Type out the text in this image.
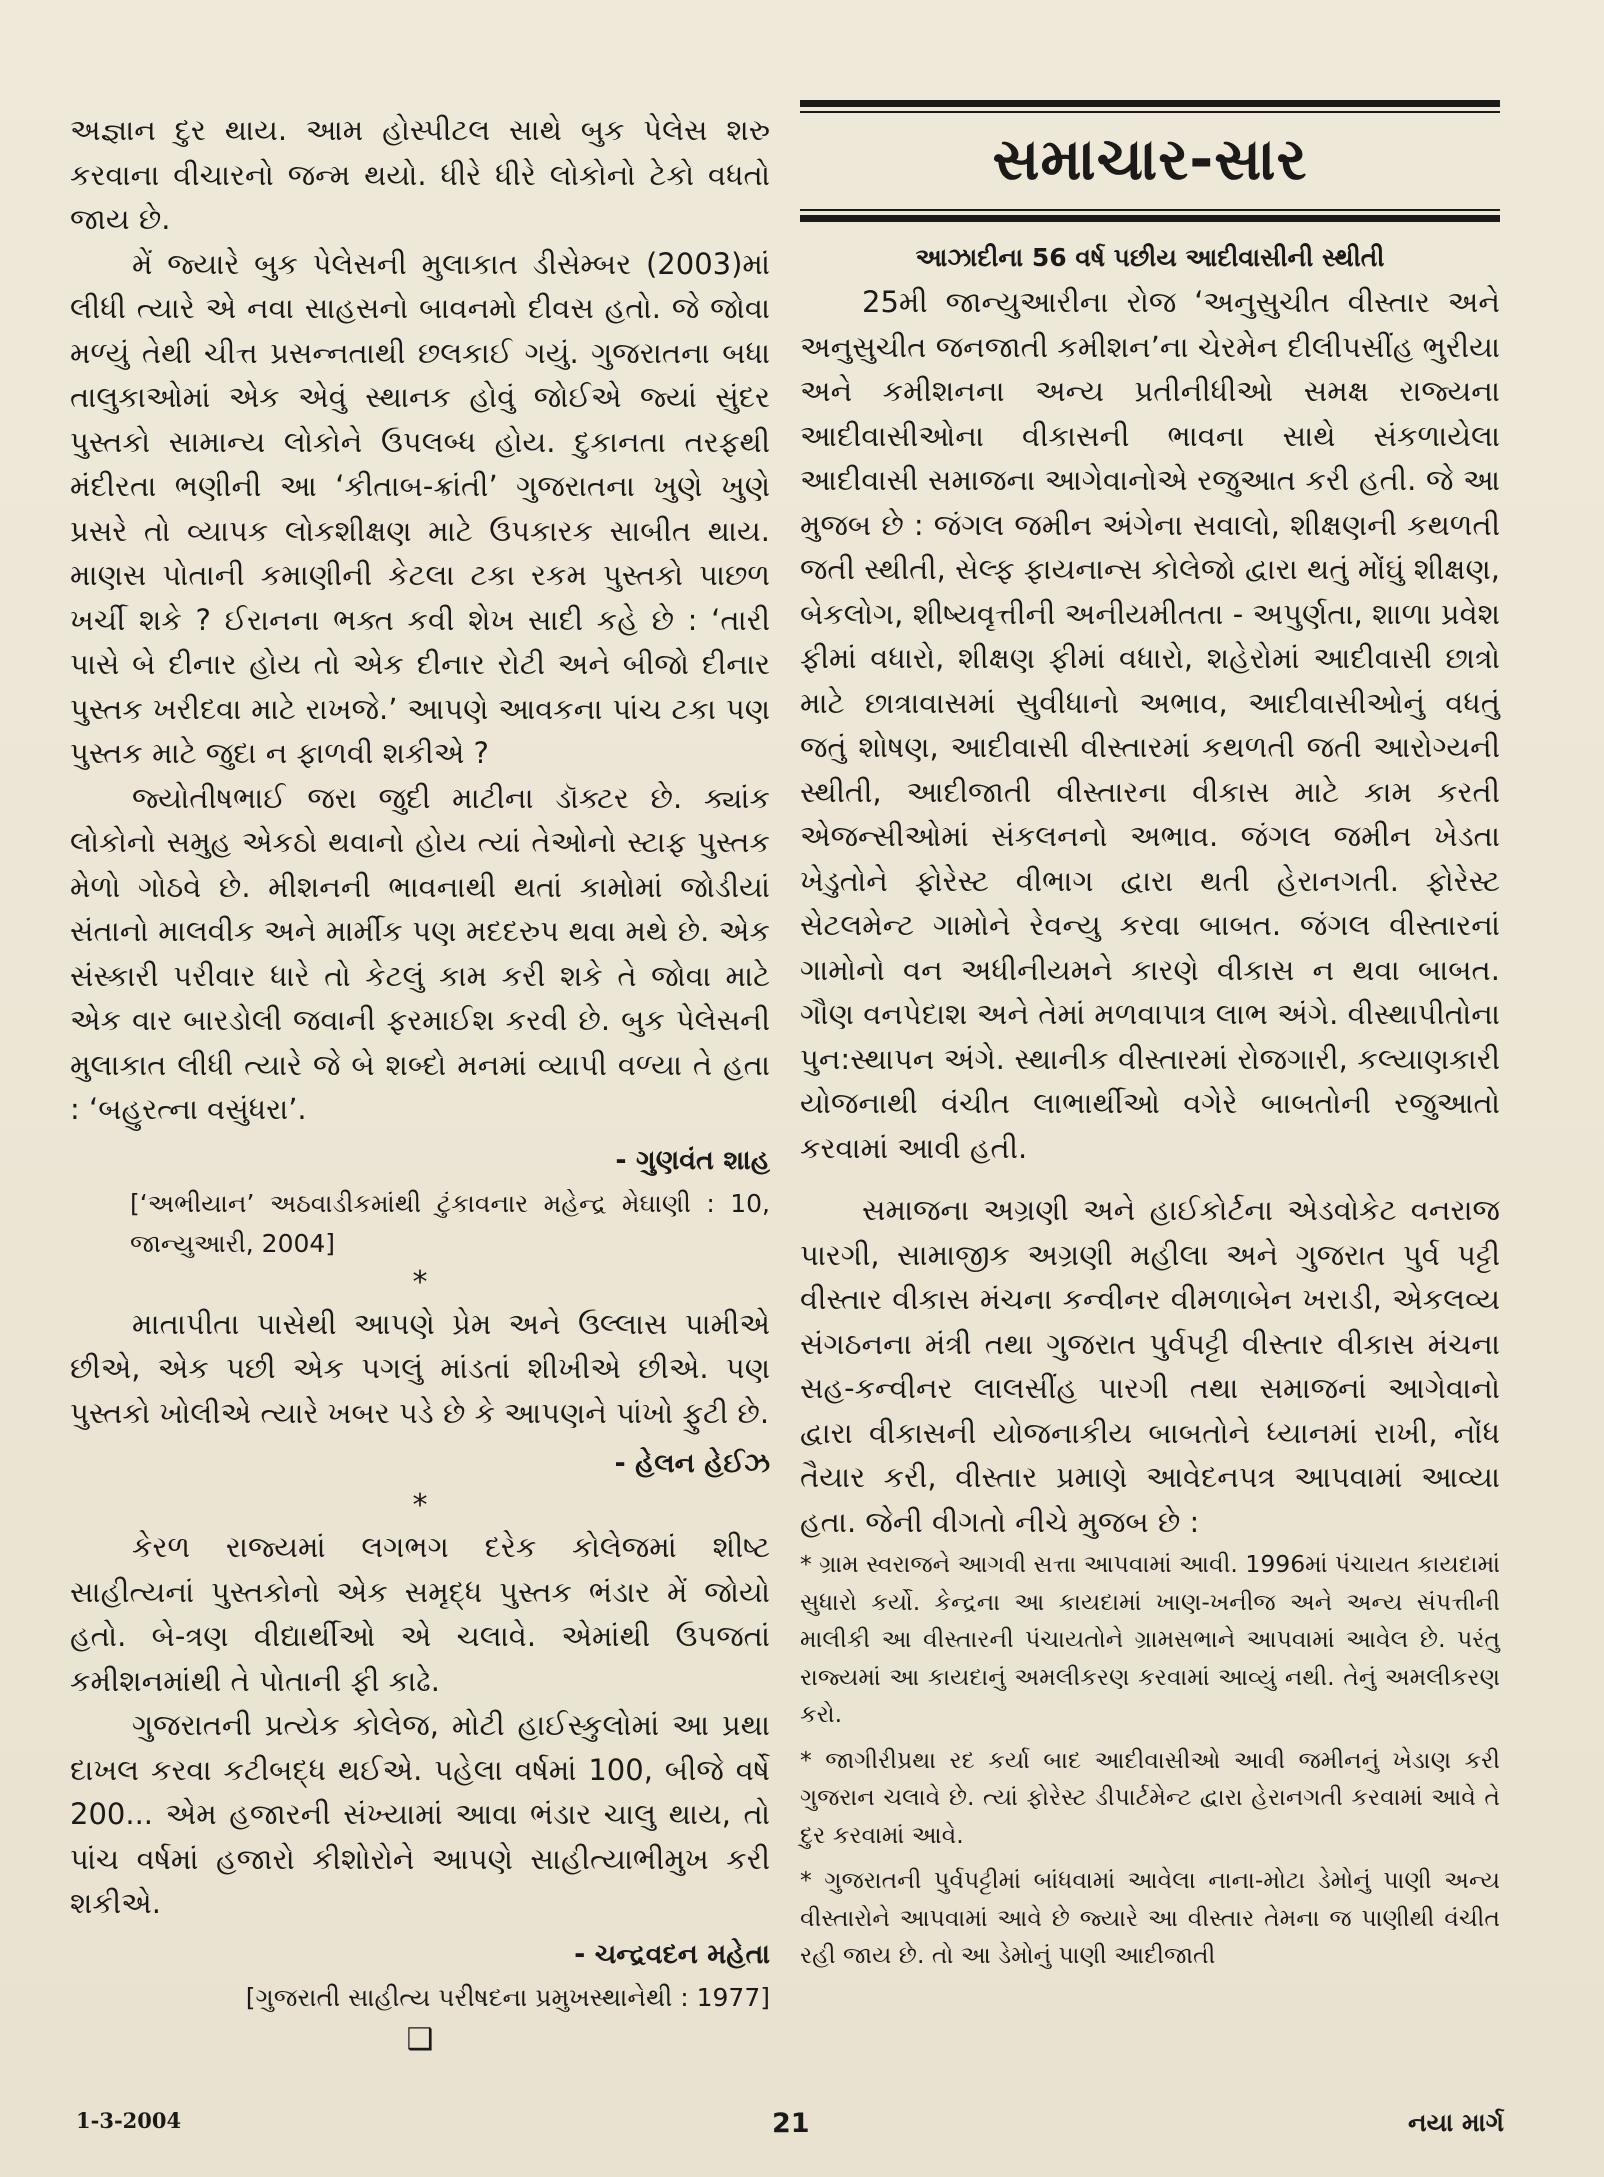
અજ્ઞાન દુર થાય. આમ હોસ્પીટલ સાથે બુક પેલેસ શરુ કરવાના વીચારનો જન્મ થયો. ધીરે ધીરે લોકોનો ટેકો વધતો જાય છે.

મેં જ્યારે બુક પેલેસની મુલાકાત ડીસેમ્બર (2003)માં લીધી ત્યારે એ નવા સાહસનો બાવનમો દીવસ હતો. જે જોવા મળ્યું તેથી ચીત્ત પ્રસન્નતાથી છલકાઈ ગયું. ગુજરાતના બધા તાલુકાઓમાં એક એવું સ્થાનક હોવું જોઈએ જ્યાં સુંદર પુસ્તકો સામાન્ય લોકોને ઉપલબ્ધ હોય. દુકાનતા તરફથી મંદીરતા ભણીની આ ‘કીતાબ-ક્રાંતી’ ગુજરાતના ખુણે ખુણે પ્રસરે તો વ્યાપક લોકશીક્ષણ માટે ઉપકારક સાબીત થાય. માણસ પોતાની કમાણીની કેટલા ટકા રકમ પુસ્તકો પાછળ ખર્ચી શકે ? ઈરાનના ભક્ત કવી શેખ સાદી કહે છે : ‘તારી પાસે બે દીનાર હોય તો એક દીનાર રોટી અને બીજો દીનાર પુસ્તક ખરીદવા માટે રાખજે.’ આપણે આવકના પાંચ ટકા પણ પુસ્તક માટે જુદા ન ફાળવી શકીએ ?

જ્યોતીષભાઈ જરા જુદી માટીના ડૉક્ટર છે. ક્યાંક લોકોનો સમુહ એકઠો થવાનો હોય ત્યાં તેઓનો સ્ટાફ પુસ્તક મેળો ગોઠવે છે. મીશનની ભાવનાથી થતાં કામોમાં જોડીયાં સંતાનો માલવીક અને માર્મીક પણ મદદરુપ થવા મથે છે. એક સંસ્કારી પરીવાર ધારે તો કેટલું કામ કરી શકે તે જોવા માટે એક વાર બારડોલી જવાની ફરમાઈશ કરવી છે. બુક પેલેસની મુલાકાત લીધી ત્યારે જે બે શબ્દો મનમાં વ્યાપી વળ્યા તે હતા : ‘બહુરત્ના વસુંધરા’.

- ગુણવંત શાહ
[‘અભીયાન’ અઠવાડીકમાંથી ટુંકાવનાર મહેન્દ્ર મેઘાણી : 10, જાન્યુઆરી, 2004]
*

માતાપીતા પાસેથી આપણે પ્રેમ અને ઉલ્લાસ પામીએ છીએ, એક પછી એક પગલું માંડતાં શીખીએ છીએ. પણ પુસ્તકો ખોલીએ ત્યારે ખબર પડે છે કે આપણને પાંખો ફુટી છે.

- હેલન હેઈઝ
*

કેરળ રાજ્યમાં લગભગ દરેક કોલેજમાં શીષ્ટ સાહીત્યનાં પુસ્તકોનો એક સમૃદ્ધ પુસ્તક ભંડાર મેં જોયો હતો. બે-ત્રણ વીદ્યાર્થીઓ એ ચલાવે. એમાંથી ઉપજતાં કમીશનમાંથી તે પોતાની ફી કાઢે.

ગુજરાતની પ્રત્યેક કોલેજ, મોટી હાઈસ્કુલોમાં આ પ્રથા દાખલ કરવા કટીબદ્ધ થઈએ. પહેલા વર્ષમાં 100, બીજે વર્ષે 200... એમ હજારની સંખ્યામાં આવા ભંડાર ચાલુ થાય, તો પાંચ વર્ષમાં હજારો કીશોરોને આપણે સાહીત્યાભીમુખ કરી શકીએ.

- ચન્દ્રવદન મહેતા
[ગુજરાતી સાહીત્ય પરીષદના પ્રમુખસ્થાનેથી : 1977]
❑
સમાચાર-સાર
આઝાદીના 56 વર્ષ પછીય આદીવાસીની સ્થીતી

25મી જાન્યુઆરીના રોજ ‘અનુસુચીત વીસ્તાર અને અનુસુચીત જનજાતી કમીશન’ના ચેરમેન દીલીપસીંહ ભુરીયા અને કમીશનના અન્ય પ્રતીનીધીઓ સમક્ષ રાજ્યના આદીવાસીઓના વીકાસની ભાવના સાથે સંકળાયેલા આદીવાસી સમાજના આગેવાનોએ રજુઆત કરી હતી. જે આ મુજબ છે : જંગલ જમીન અંગેના સવાલો, શીક્ષણની કથળતી જતી સ્થીતી, સેલ્ફ ફાયનાન્સ કોલેજો દ્વારા થતું મોંઘું શીક્ષણ, બેકલોગ, શીષ્યવૃત્તીની અનીયમીતતા - અપુર્ણતા, શાળા પ્રવેશ ફીમાં વધારો, શીક્ષણ ફીમાં વધારો, શહેરોમાં આદીવાસી છાત્રો માટે છાત્રાવાસમાં સુવીધાનો અભાવ, આદીવાસીઓનું વધતું જતું શોષણ, આદીવાસી વીસ્તારમાં કથળતી જતી આરોગ્યની સ્થીતી, આદીજાતી વીસ્તારના વીકાસ માટે કામ કરતી એજન્સીઓમાં સંકલનનો અભાવ. જંગલ જમીન ખેડતા ખેડુતોને ફોરેસ્ટ વીભાગ દ્વારા થતી હેરાનગતી. ફોરેસ્ટ સેટલમેન્ટ ગામોને રેવન્યુ કરવા બાબત. જંગલ વીસ્તારનાં ગામોનો વન અધીનીયમને કારણે વીકાસ ન થવા બાબત. ગૌણ વનપેદાશ અને તેમાં મળવાપાત્ર લાભ અંગે. વીસ્થાપીતોના પુન:સ્થાપન અંગે. સ્થાનીક વીસ્તારમાં રોજગારી, કલ્યાણકારી યોજનાથી વંચીત લાભાર્થીઓ વગેરે બાબતોની રજુઆતો કરવામાં આવી હતી.

સમાજના અગ્રણી અને હાઈકોર્ટના એડવોકેટ વનરાજ પારગી, સામાજીક અગ્રણી મહીલા અને ગુજરાત પુર્વ પટ્ટી વીસ્તાર વીકાસ મંચના કન્વીનર વીમળાબેન ખરાડી, એકલવ્ય સંગઠનના મંત્રી તથા ગુજરાત પુર્વપટ્ટી વીસ્તાર વીકાસ મંચના સહ-કન્વીનર લાલસીંહ પારગી તથા સમાજનાં આગેવાનો દ્વારા વીકાસની યોજનાકીય બાબતોને ધ્યાનમાં રાખી, નોંધ તૈયાર કરી, વીસ્તાર પ્રમાણે આવેદનપત્ર આપવામાં આવ્યા હતા. જેની વીગતો નીચે મુજબ છે :

* ગ્રામ સ્વરાજને આગવી સત્તા આપવામાં આવી. 1996માં પંચાયત કાયદામાં સુધારો કર્યો. કેન્દ્રના આ કાયદામાં ખાણ-ખનીજ અને અન્ય સંપત્તીની માલીકી આ વીસ્તારની પંચાયતોને ગ્રામસભાને આપવામાં આવેલ છે. પરંતુ રાજ્યમાં આ કાયદાનું અમલીકરણ કરવામાં આવ્યું નથી. તેનું અમલીકરણ કરો.
* જાગીરીપ્રથા રદ કર્યા બાદ આદીવાસીઓ આવી જમીનનું ખેડાણ કરી ગુજરાન ચલાવે છે. ત્યાં ફોરેસ્ટ ડીપાર્ટમેન્ટ દ્વારા હેરાનગતી કરવામાં આવે તે દુર કરવામાં આવે.
* ગુજરાતની પુર્વપટ્ટીમાં બાંધવામાં આવેલા નાના-મોટા ડેમોનું પાણી અન્ય વીસ્તારોને આપવામાં આવે છે જ્યારે આ વીસ્તાર તેમના જ પાણીથી વંચીત રહી જાય છે. તો આ ડેમોનું પાણી આદીજાતી
1-3-2004	21	નયા માર્ગ
